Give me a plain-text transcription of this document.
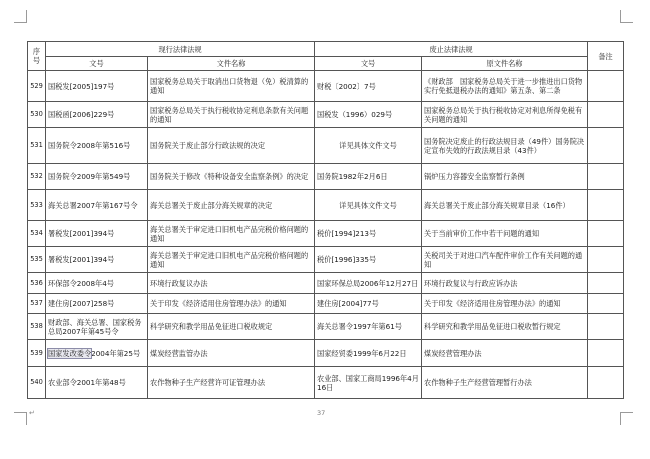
序号	现行法律法规		废止法律法规		备注
	文号	文件名称	文号	原文件名称	
529	国税发[2005]197号	国家税务总局关于取消出口货物退（免）税清算的通知	财税〔2002〕7号	《财政部　国家税务总局关于进一步推进出口货物实行免抵退税办法的通知》第五条、第二条	
530	国税函[2006]229号	国家税务总局关于执行税收协定利息条款有关问题的通知	国税发（1996）029号	国家税务总局关于执行税收协定对利息所得免税有关问题的通知	
531	国务院令2008年第516号	国务院关于废止部分行政法规的决定	详见具体文件文号	国务院决定废止的行政法规目录（49件）国务院决定宣布失效的行政法规目录（43件）	
532	国务院令2009年第549号	国务院关于修改《特种设备安全监察条例》的决定	国务院1982年2月6日	锅炉压力容器安全监察暂行条例	
533	海关总署2007年第167号令	海关总署关于废止部分海关规章的决定	详见具体文件文号	海关总署关于废止部分海关规章目录（16件）	
534	署税发[2001]394号	海关总署关于审定进口旧机电产品完税价格问题的通知	税价[1994]213号	关于当前审价工作中若干问题的通知	
535	署税发[2001]394号	海关总署关于审定进口旧机电产品完税价格问题的通知	税价[1996]335号	关税司关于对进口汽车配件审价工作有关问题的通知	
536	环保部令2008年4号	环境行政复议办法	国家环保总局2006年12月27日	环境行政复议与行政应诉办法	
537	建住房[2007]258号	关于印发《经济适用住房管理办法》的通知	建住房[2004]77号	关于印发《经济适用住房管理办法》的通知	
538	财政部、海关总署、国家税务总局2007年第45号令	科学研究和教学用品免征进口税收规定	海关总署令1997年第61号	科学研究和教学用品免征进口税收暂行规定	
539	国家发改委令2004年第25号	煤炭经营监管办法	国家经贸委1999年6月22日	煤炭经营管理办法	
540	农业部令2001年第48号	农作物种子生产经营许可证管理办法	农业部、国家工商局1996年4月16日	农作物种子生产经营管理暂行办法	
↵	37
